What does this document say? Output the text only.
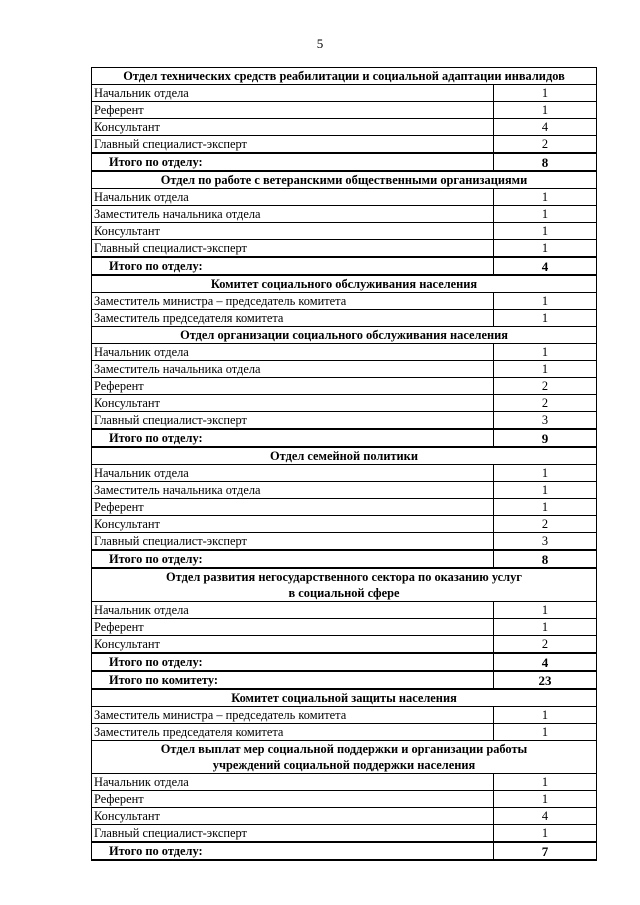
5
Отдел технических средств реабилитации и социальной адаптации инвалидов	
Начальник отдела	1
Референт	1
Консультант	4
Главный специалист-эксперт	2
Итого по отделу:	8
Отдел по работе с ветеранскими общественными организациями	
Начальник отдела	1
Заместитель начальника отдела	1
Консультант	1
Главный специалист-эксперт	1
Итого по отделу:	4
Комитет социального обслуживания населения	
Заместитель министра – председатель комитета	1
Заместитель председателя комитета	1
Отдел организации социального обслуживания населения	
Начальник отдела	1
Заместитель начальника отдела	1
Референт	2
Консультант	2
Главный специалист-эксперт	3
Итого по отделу:	9
Отдел семейной политики	
Начальник отдела	1
Заместитель начальника отдела	1
Референт	1
Консультант	2
Главный специалист-эксперт	3
Итого по отделу:	8

Отдел развития негосударственного сектора по оказанию услуг
в социальной сфере	

Начальник отдела	1
Референт	1
Консультант	2
Итого по отделу:	4
Итого по комитету:	23
Комитет социальной защиты населения	
Заместитель министра – председатель комитета	1
Заместитель председателя комитета	1

Отдел выплат мер социальной поддержки и организации работы
учреждений социальной поддержки населения	

Начальник отдела	1
Референт	1
Консультант	4
Главный специалист-эксперт	1
Итого по отделу:	7
